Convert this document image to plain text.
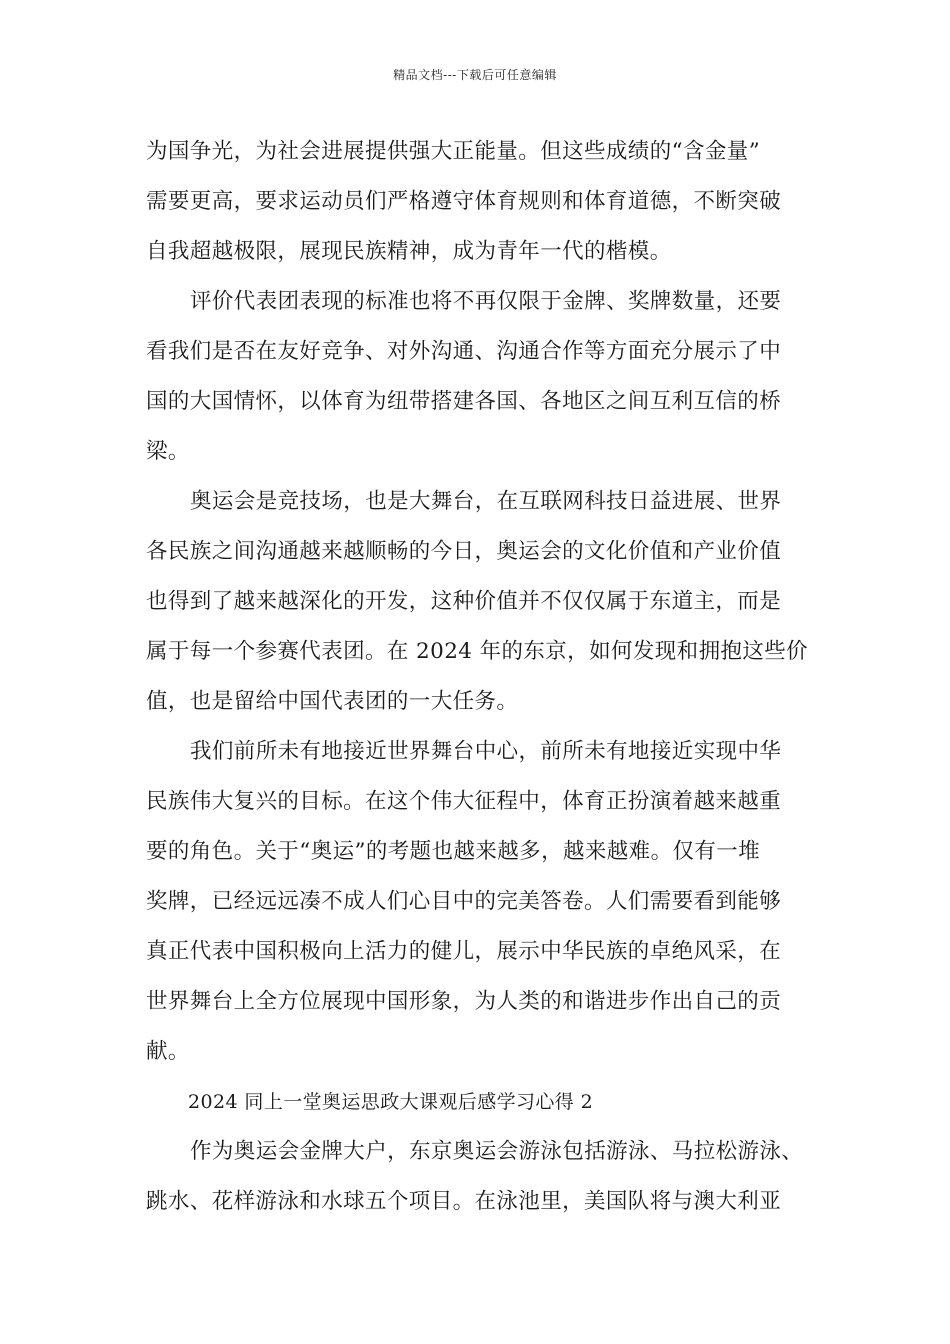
精品文档---下载后可任意编辑
为国争光，为社会进展提供强大正能量。但这些成绩的“含金量”
需要更高，要求运动员们严格遵守体育规则和体育道德，不断突破
自我超越极限，展现民族精神，成为青年一代的楷模。
评价代表团表现的标准也将不再仅限于金牌、奖牌数量，还要
看我们是否在友好竞争、对外沟通、沟通合作等方面充分展示了中
国的大国情怀，以体育为纽带搭建各国、各地区之间互利互信的桥
梁。
奥运会是竞技场，也是大舞台，在互联网科技日益进展、世界
各民族之间沟通越来越顺畅的今日，奥运会的文化价值和产业价值
也得到了越来越深化的开发，这种价值并不仅仅属于东道主，而是
属于每一个参赛代表团。在 2024 年的东京，如何发现和拥抱这些价
值，也是留给中国代表团的一大任务。
我们前所未有地接近世界舞台中心，前所未有地接近实现中华
民族伟大复兴的目标。在这个伟大征程中，体育正扮演着越来越重
要的角色。关于“奥运”的考题也越来越多，越来越难。仅有一堆
奖牌，已经远远凑不成人们心目中的完美答卷。人们需要看到能够
真正代表中国积极向上活力的健儿，展示中华民族的卓绝风采，在
世界舞台上全方位展现中国形象，为人类的和谐进步作出自己的贡
献。
2024 同上一堂奥运思政大课观后感学习心得 2
作为奥运会金牌大户，东京奥运会游泳包括游泳、马拉松游泳、
跳水、花样游泳和水球五个项目。在泳池里，美国队将与澳大利亚
